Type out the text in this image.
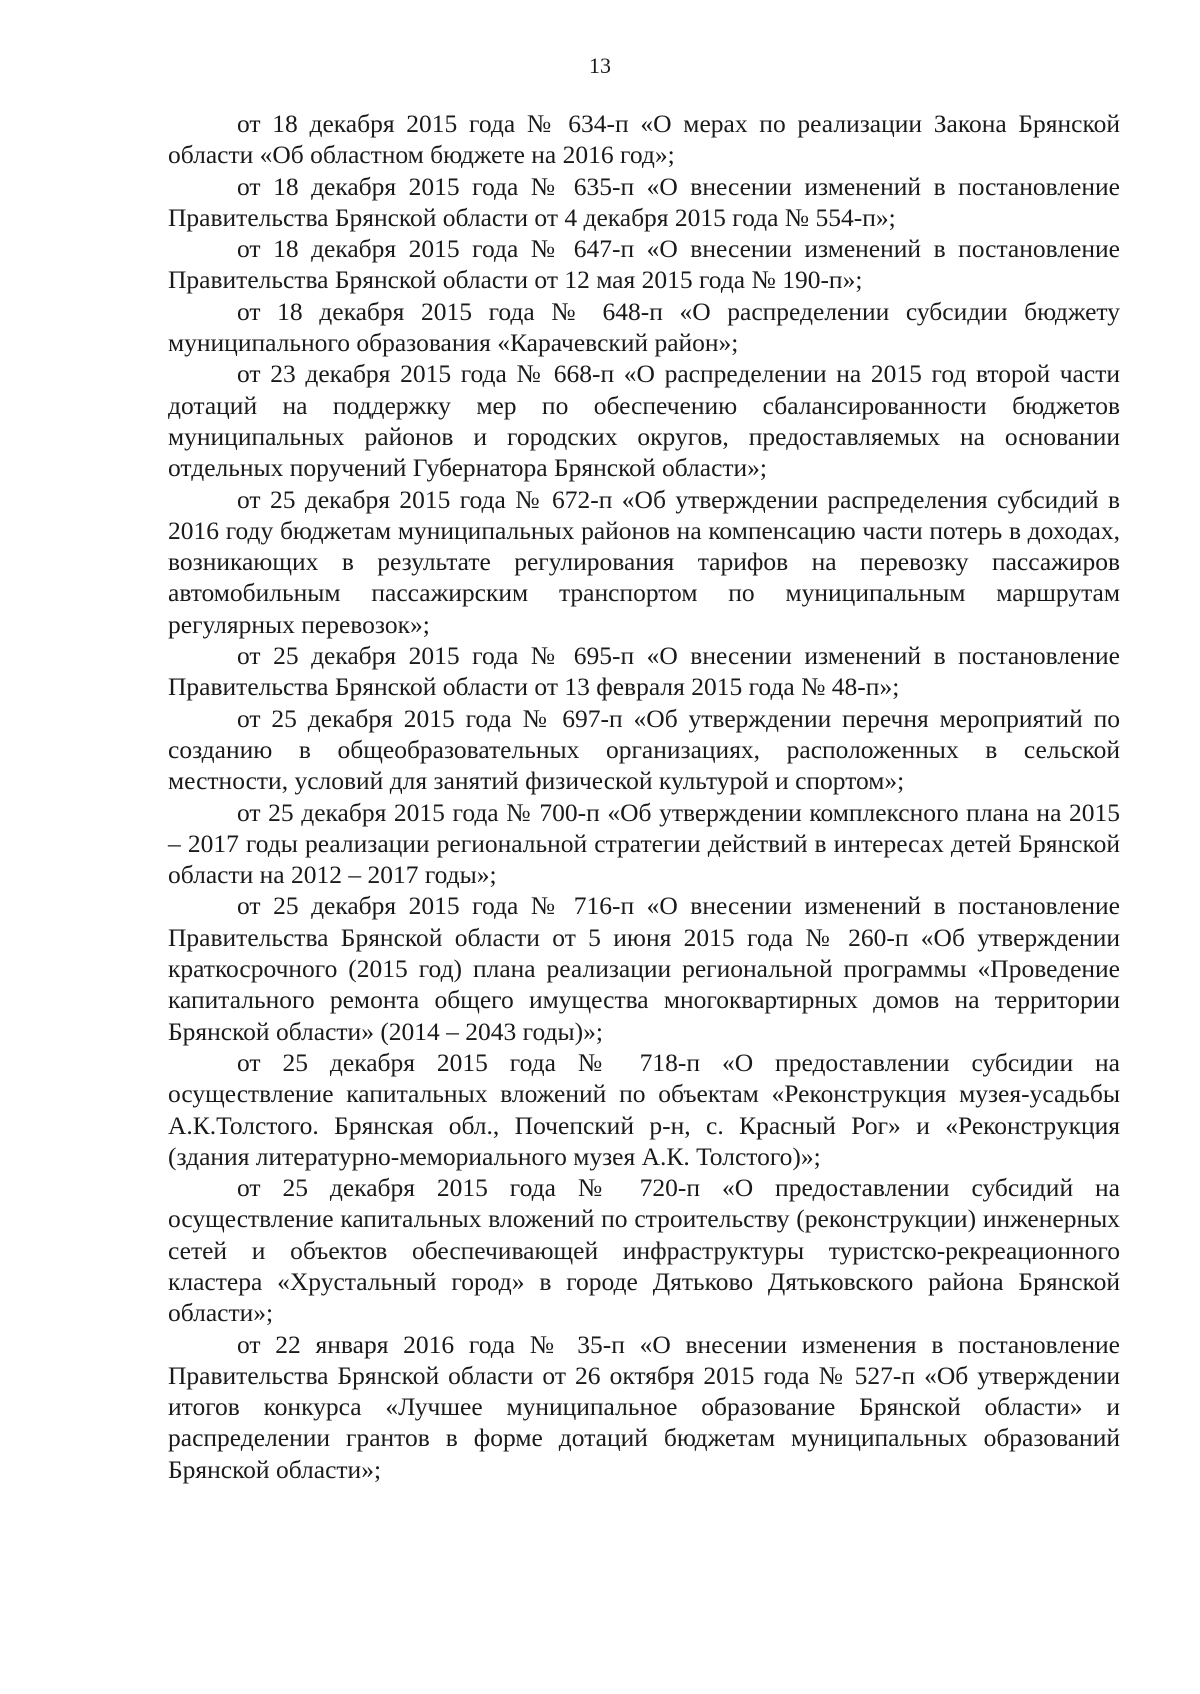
13

от 18 декабря 2015 года № 634-п «О мерах по реализации Закона Брянской области «Об областном бюджете на 2016 год»;

от 18 декабря 2015 года № 635-п «О внесении изменений в постановление Правительства Брянской области от 4 декабря 2015 года № 554-п»;

от 18 декабря 2015 года № 647-п «О внесении изменений в постановление Правительства Брянской области от 12 мая 2015 года № 190-п»;

от 18 декабря 2015 года № 648-п «О распределении субсидии бюджету муниципального образования «Карачевский район»;

от 23 декабря 2015 года № 668-п «О распределении на 2015 год второй части дотаций на поддержку мер по обеспечению сбалансированности бюджетов муниципальных районов и городских округов, предоставляемых на основании отдельных поручений Губернатора Брянской области»;

от 25 декабря 2015 года № 672-п «Об утверждении распределения субсидий в 2016 году бюджетам муниципальных районов на компенсацию части потерь в доходах, возникающих в результате регулирования тарифов на перевозку пассажиров автомобильным пассажирским транспортом по муниципальным маршрутам регулярных перевозок»;

от 25 декабря 2015 года № 695-п «О внесении изменений в постановление Правительства Брянской области от 13 февраля 2015 года № 48-п»;

от 25 декабря 2015 года № 697-п «Об утверждении перечня мероприятий по созданию в общеобразовательных организациях, расположенных в сельской местности, условий для занятий физической культурой и спортом»;

от 25 декабря 2015 года № 700-п «Об утверждении комплексного плана на 2015 – 2017 годы реализации региональной стратегии действий в интересах детей Брянской области на 2012 – 2017 годы»;

от 25 декабря 2015 года № 716-п «О внесении изменений в постановление Правительства Брянской области от 5 июня 2015 года № 260-п «Об утверждении краткосрочного (2015 год) плана реализации региональной программы «Проведение капитального ремонта общего имущества многоквартирных домов на территории Брянской области» (2014 – 2043 годы)»;

от 25 декабря 2015 года № 718-п «О предоставлении субсидии на осуществление капитальных вложений по объектам «Реконструкция музея-усадьбы А.К.Толстого. Брянская обл., Почепский р-н, с. Красный Рог» и «Реконструкция (здания литературно-мемориального музея А.К. Толстого)»;

от 25 декабря 2015 года № 720-п «О предоставлении субсидий на осуществление капитальных вложений по строительству (реконструкции) инженерных сетей и объектов обеспечивающей инфраструктуры туристско-рекреационного кластера «Хрустальный город» в городе Дятьково Дятьковского района Брянской области»;

от 22 января 2016 года № 35-п «О внесении изменения в постановление Правительства Брянской области от 26 октября 2015 года № 527-п «Об утверждении итогов конкурса «Лучшее муниципальное образование Брянской области» и распределении грантов в форме дотаций бюджетам муниципальных образований Брянской области»;
